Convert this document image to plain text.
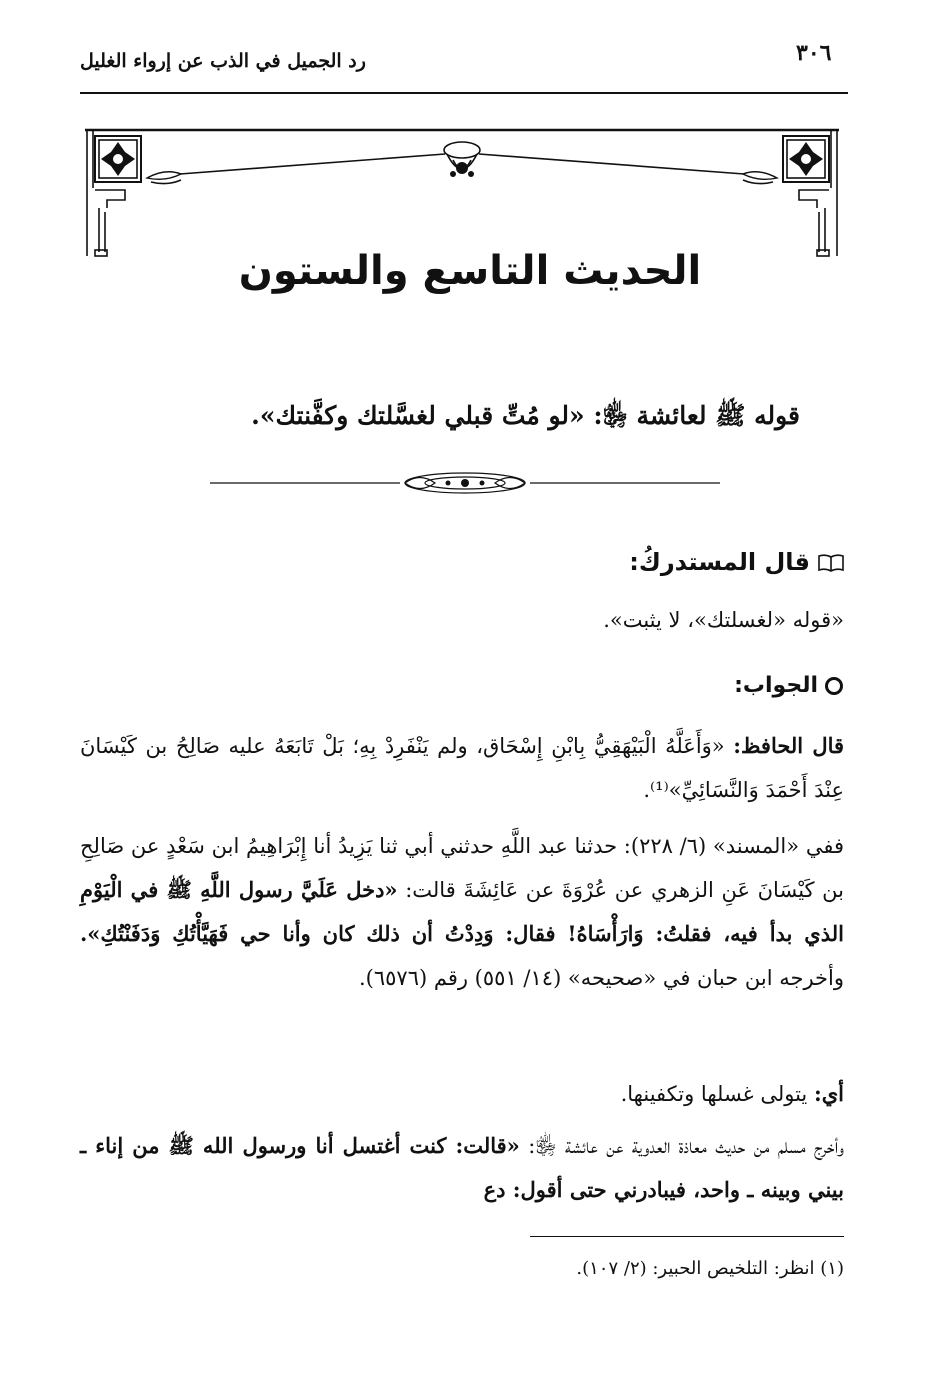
٣٠٦
رد الجميل في الذب عن إرواء الغليل
الحديث التاسع والستون
قوله ﷺ لعائشة ﵂: «لو مُتِّ قبلي لغسَّلتك وكفَّنتك».
قال المستدركُ:
«قوله «لغسلتك»، لا يثبت».
الجواب:
قال الحافظ: «وَأَعَلَّهُ الْبَيْهَقِيُّ بِابْنِ إِسْحَاق، ولم يَنْفَرِدْ بِهِ؛ بَلْ تَابَعَهُ عليه صَالِحُ بن كَيْسَانَ عِنْدَ أَحْمَدَ وَالنَّسَائِيِّ»⁽¹⁾.
ففي «المسند» (٦/ ٢٢٨): حدثنا عبد اللَّهِ حدثني أبي ثنا يَزِيدُ أنا إِبْرَاهِيمُ ابن سَعْدٍ عن صَالِحِ بن كَيْسَانَ عَنِ الزهري عن عُرْوَةَ عن عَائِشَةَ قالت: «دخل عَلَيَّ رسول اللَّهِ ﷺ في الْيَوْمِ الذي بدأ فيه، فقلتُ: وَارَأْسَاهُ! فقال: وَدِدْتُ أن ذلك كان وأنا حي فَهَيَّأْتُكِ وَدَفَنْتُكِ». وأخرجه ابن حبان في «صحيحه» (١٤/ ٥٥١) رقم (٦٥٧٦).
أي: يتولى غسلها وتكفينها.
وأخرج مسلم من حديث معاذة العدوية عن عائشة ﵂: «قالت: كنت أغتسل أنا ورسول الله ﷺ من إناء ـ بيني وبينه ـ واحد، فيبادرني حتى أقول: دع
(١) انظر: التلخيص الحبير: (٢/ ١٠٧).
